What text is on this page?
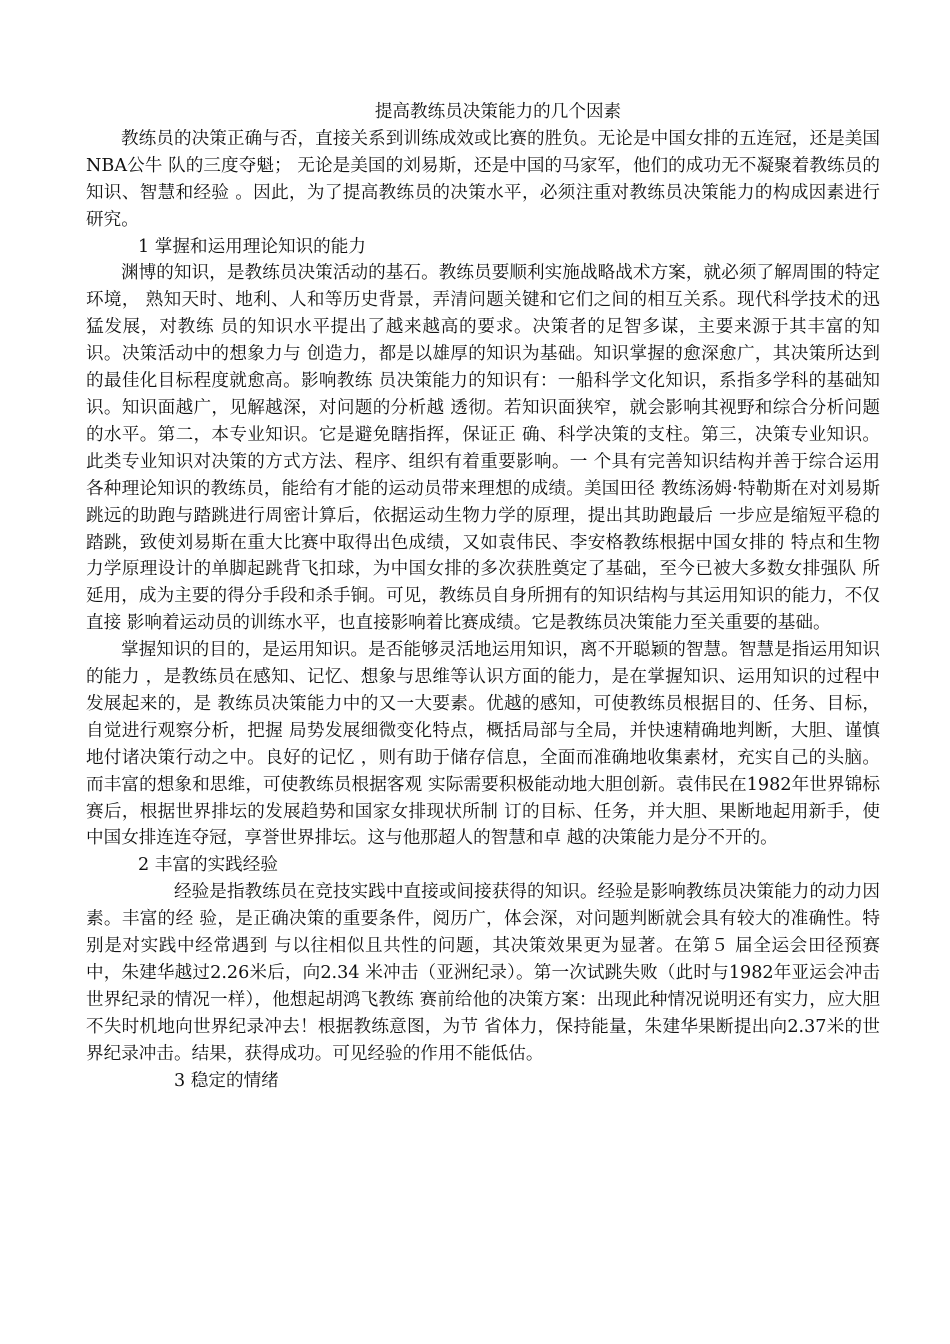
提高教练员决策能力的几个因素

教练员的决策正确与否，直接关系到训练成效或比赛的胜负。无论是中国女排的五连冠，还是美国NBA公牛 队的三度夺魁； 无论是美国的刘易斯，还是中国的马家军，他们的成功无不凝聚着教练员的知识、智慧和经验 。因此，为了提高教练员的决策水平，必须注重对教练员决策能力的构成因素进行研究。

1 掌握和运用理论知识的能力

渊博的知识，是教练员决策活动的基石。教练员要顺利实施战略战术方案，就必须了解周围的特定环境， 熟知天时、地利、人和等历史背景，弄清问题关键和它们之间的相互关系。现代科学技术的迅猛发展，对教练 员的知识水平提出了越来越高的要求。决策者的足智多谋，主要来源于其丰富的知识。决策活动中的想象力与 创造力，都是以雄厚的知识为基础。知识掌握的愈深愈广，其决策所达到的最佳化目标程度就愈高。影响教练 员决策能力的知识有：一船科学文化知识，系指多学科的基础知识。知识面越广，见解越深，对问题的分析越 透彻。若知识面狭窄，就会影响其视野和综合分析问题的水平。第二，本专业知识。它是避免瞎指挥，保证正 确、科学决策的支柱。第三，决策专业知识。此类专业知识对决策的方式方法、程序、组织有着重要影响。一 个具有完善知识结构并善于综合运用各种理论知识的教练员，能给有才能的运动员带来理想的成绩。美国田径 教练汤姆·特勒斯在对刘易斯跳远的助跑与踏跳进行周密计算后，依据运动生物力学的原理，提出其助跑最后 一步应是缩短平稳的踏跳，致使刘易斯在重大比赛中取得出色成绩，又如袁伟民、李安格教练根据中国女排的 特点和生物力学原理设计的单脚起跳背飞扣球，为中国女排的多次获胜奠定了基础，至今已被大多数女排强队 所延用，成为主要的得分手段和杀手锏。可见，教练员自身所拥有的知识结构与其运用知识的能力，不仅直接 影响着运动员的训练水平，也直接影响着比赛成绩。它是教练员决策能力至关重要的基础。

掌握知识的目的，是运用知识。是否能够灵活地运用知识，离不开聪颖的智慧。智慧是指运用知识的能力 ，是教练员在感知、记忆、想象与思维等认识方面的能力，是在掌握知识、运用知识的过程中发展起来的，是 教练员决策能力中的又一大要素。优越的感知，可使教练员根据目的、任务、目标，自觉进行观察分析，把握 局势发展细微变化特点，概括局部与全局，并快速精确地判断，大胆、谨慎地付诸决策行动之中。良好的记忆 ，则有助于储存信息，全面而准确地收集素材，充实自己的头脑。而丰富的想象和思维，可使教练员根据客观 实际需要积极能动地大胆创新。袁伟民在1982年世界锦标赛后，根据世界排坛的发展趋势和国家女排现状所制 订的目标、任务，并大胆、果断地起用新手，使中国女排连连夺冠，享誉世界排坛。这与他那超人的智慧和卓 越的决策能力是分不开的。

2 丰富的实践经验

经验是指教练员在竞技实践中直接或间接获得的知识。经验是影响教练员决策能力的动力因素。丰富的经 验，是正确决策的重要条件，阅历广，体会深，对问题判断就会具有较大的准确性。特别是对实践中经常遇到 与以往相似且共性的问题，其决策效果更为显著。在第５ 届全运会田径预赛中，朱建华越过2.26米后，向2.34 米冲击（亚洲纪录）。第一次试跳失败（此时与1982年亚运会冲击世界纪录的情况一样），他想起胡鸿飞教练 赛前给他的决策方案：出现此种情况说明还有实力，应大胆不失时机地向世界纪录冲去！根据教练意图，为节 省体力，保持能量，朱建华果断提出向2.37米的世界纪录冲击。结果，获得成功。可见经验的作用不能低估。

3 稳定的情绪
